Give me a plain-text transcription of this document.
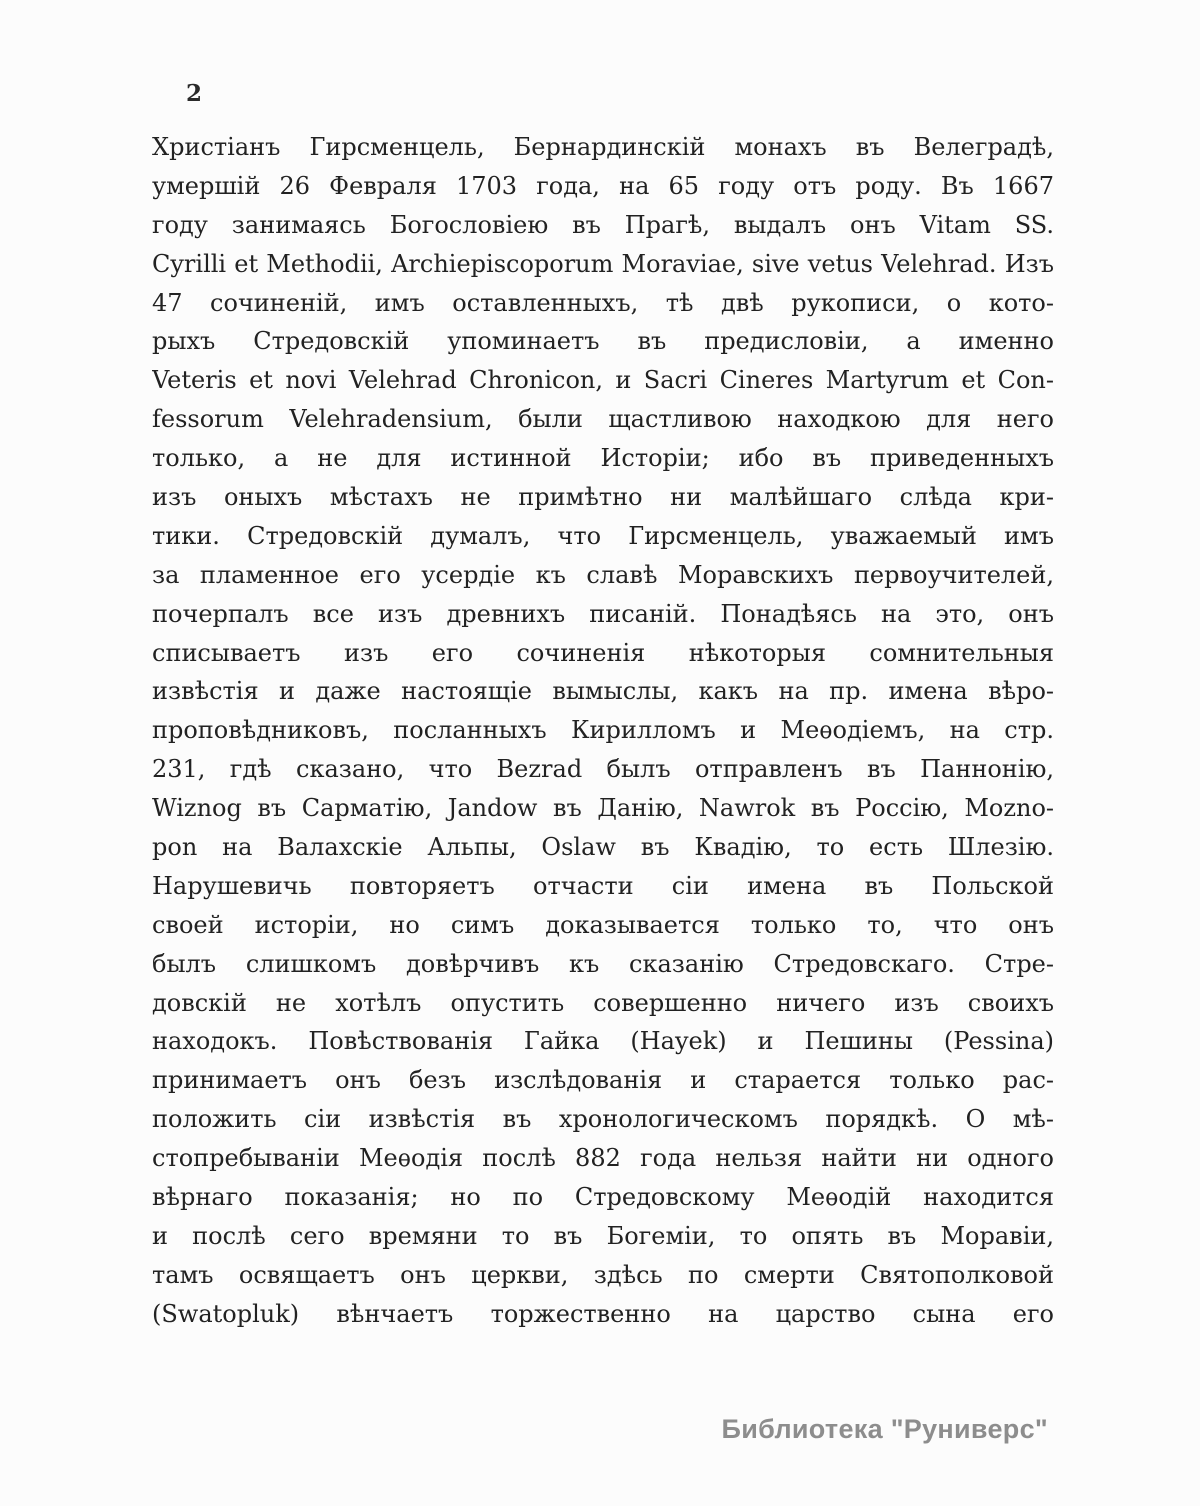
2
Христіанъ Гирсменцель, Бернардинскій монахъ въ Велеградѣ,
умершій 26 Февраля 1703 года, на 65 году отъ роду. Въ 1667
году занимаясь Богословіею въ Прагѣ, выдалъ онъ Vitam SS.
Cyrilli et Methodii, Archiepiscoporum Moraviae, sive vetus Velehrad. Изъ
47 сочиненій, имъ оставленныхъ, тѣ двѣ рукописи, о кото-
рыхъ Стредовскій упоминаетъ въ предисловіи, а именно
Veteris et novi Velehrad Chronicon, и Sacri Cineres Martyrum et Con-
fessorum Velehradensium, были щастливою находкою для него
только, а не для истинной Исторіи; ибо въ приведенныхъ
изъ оныхъ мѣстахъ не примѣтно ни малѣйшаго слѣда кри-
тики. Стредовскій думалъ, что Гирсменцель, уважаемый имъ
за пламенное его усердіе къ славѣ Моравскихъ первоучителей,
почерпалъ все изъ древнихъ писаній. Понадѣясь на это, онъ
списываетъ изъ его сочиненія нѣкоторыя сомнительныя
извѣстія и даже настоящіе вымыслы, какъ на пр. имена вѣро-
проповѣдниковъ, посланныхъ Кирилломъ и Меѳодіемъ, на стр.
231, гдѣ сказано, что Bezrad былъ отправленъ въ Паннонію,
Wiznog въ Сарматію, Jandow въ Данію, Nawrok въ Россію, Mozno-
pon на Валахскіе Альпы, Oslaw въ Квадію, то есть Шлезію.
Нарушевичь повторяетъ отчасти сіи имена въ Польской
своей исторіи, но симъ доказывается только то, что онъ
былъ слишкомъ довѣрчивъ къ сказанію Стредовскаго. Стре-
довскій не хотѣлъ опустить совершенно ничего изъ своихъ
находокъ. Повѣствованія Гайка (Hayek) и Пешины (Pessina)
принимаетъ онъ безъ изслѣдованія и старается только рас-
положить сіи извѣстія въ хронологическомъ порядкѣ. О мѣ-
стопребываніи Меѳодія послѣ 882 года нельзя найти ни одного
вѣрнаго показанія; но по Стредовскому Меѳодій находится
и послѣ сего времяни то въ Богеміи, то опять въ Моравіи,
тамъ освящаетъ онъ церкви, здѣсь по смерти Святополковой
(Swatopluk) вѣнчаетъ торжественно на царство сына его
Библиотека "Руниверс"
